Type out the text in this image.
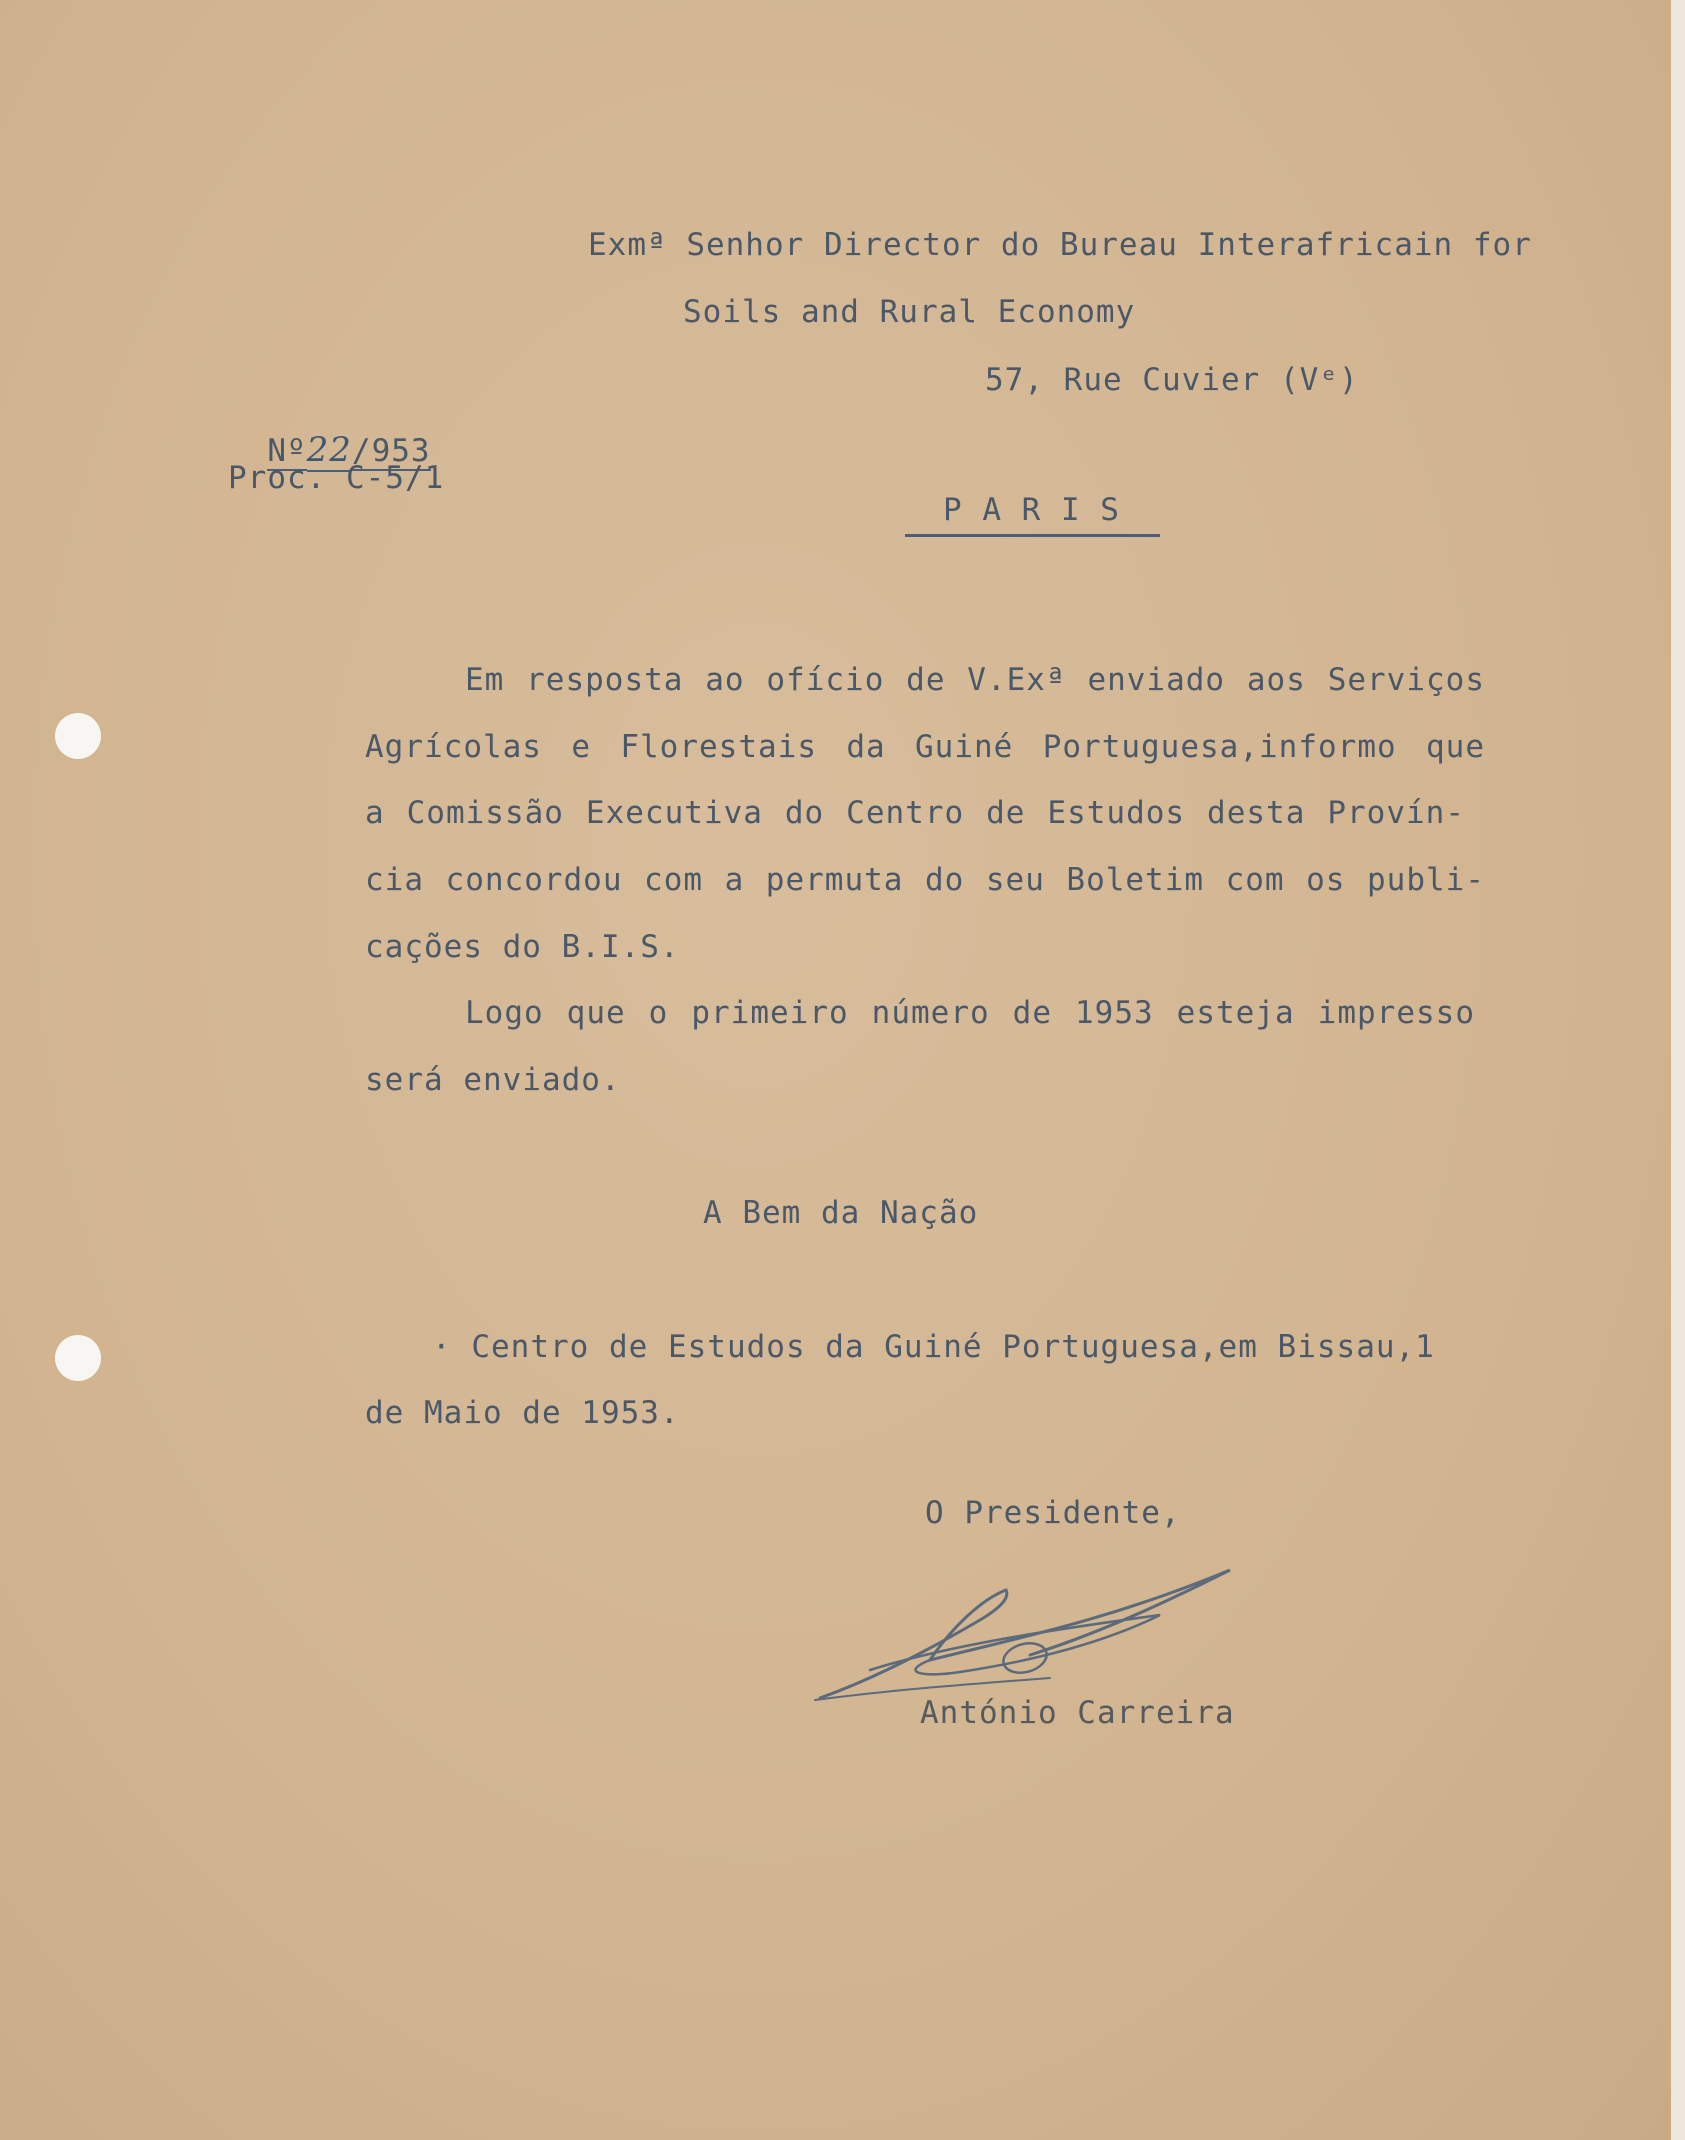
Exmª Senhor Director do Bureau Interafricain for
Soils and Rural Economy
57, Rue Cuvier (Vᵉ)

Nº22/953

Proc. C-5/1
P A R I S
Em resposta ao ofício de V.Exª enviado aos Serviços
Agrícolas e Florestais da Guiné Portuguesa,informo que
a Comissão Executiva do Centro de Estudos desta Provín-
cia concordou com a permuta do seu Boletim com os publi-
cações do B.I.S.
Logo que o primeiro número de 1953 esteja impresso
será enviado.
A Bem da Nação
· Centro de Estudos da Guiné Portuguesa,em Bissau,1
de Maio de 1953.
O Presidente,
António Carreira
